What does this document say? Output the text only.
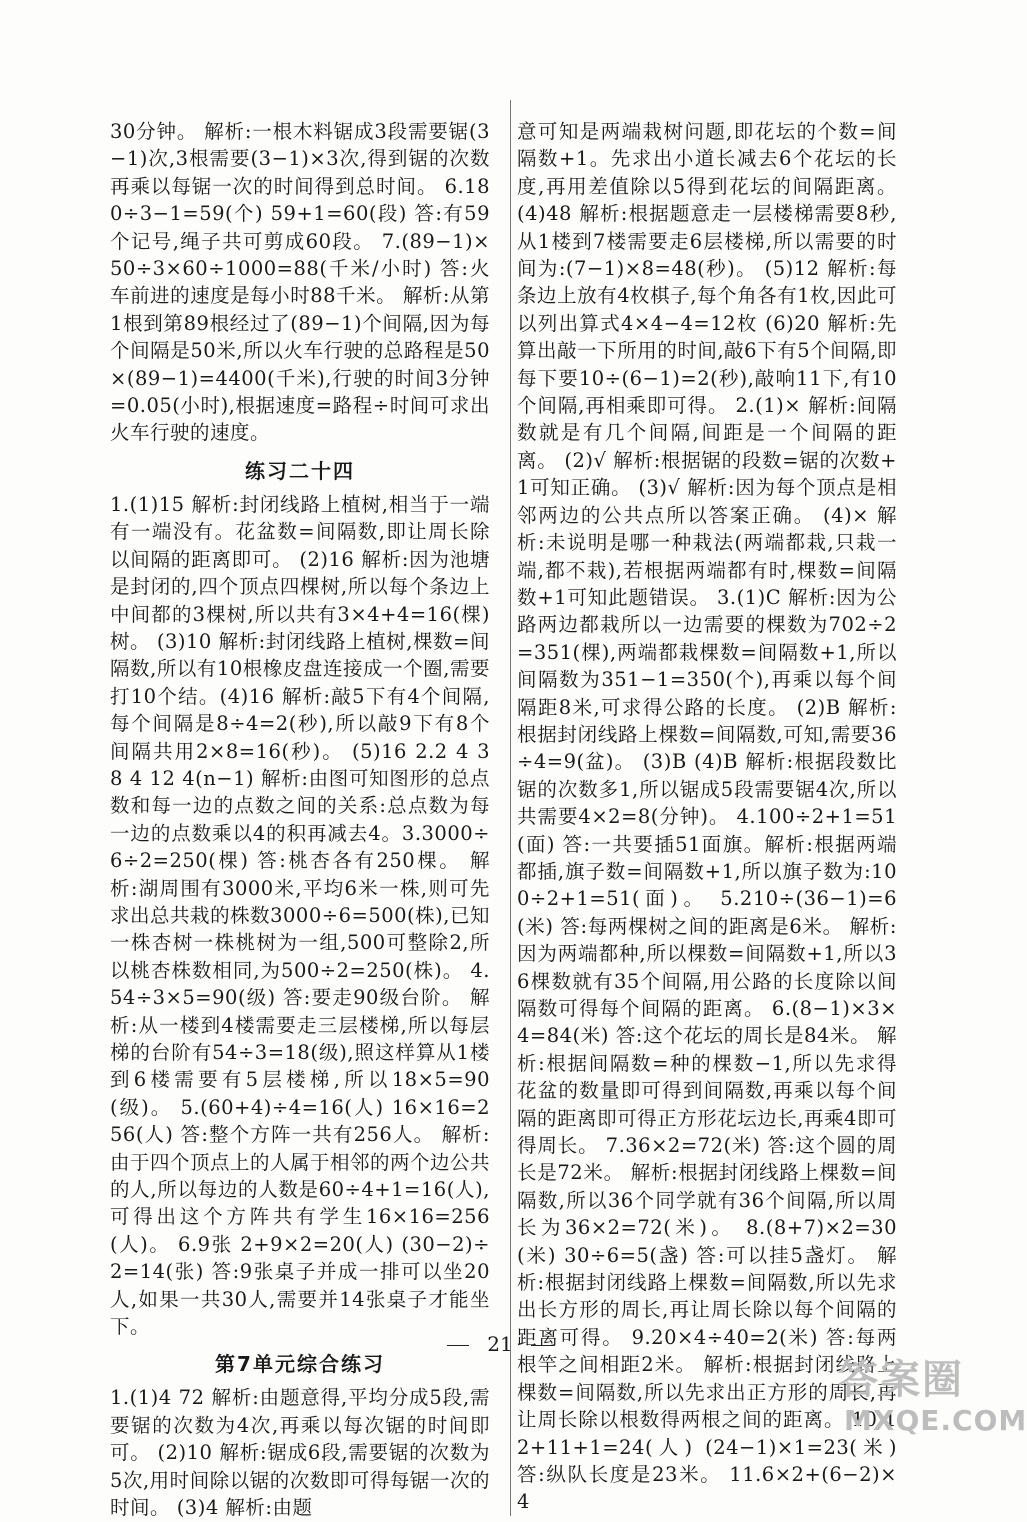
30分钟。 解析:一根木料锯成3段需要锯(3−1)次,3根需要(3−1)×3次,得到锯的次数再乘以每锯一次的时间得到总时间。 6.180÷3−1=59(个) 59+1=60(段) 答:有59个记号,绳子共可剪成60段。 7.(89−1)×50÷3×60÷1000=88(千米/小时) 答:火车前进的速度是每小时88千米。 解析:从第1根到第89根经过了(89−1)个间隔,因为每个间隔是50米,所以火车行驶的总路程是50×(89−1)=4400(千米),行驶的时间3分钟=0.05(小时),根据速度=路程÷时间可求出火车行驶的速度。

练习二十四

1.(1)15 解析:封闭线路上植树,相当于一端有一端没有。花盆数=间隔数,即让周长除以间隔的距离即可。 (2)16 解析:因为池塘是封闭的,四个顶点四棵树,所以每个条边上中间都的3棵树,所以共有3×4+4=16(棵)树。 (3)10 解析:封闭线路上植树,棵数=间隔数,所以有10根橡皮盘连接成一个圈,需要打10个结。(4)16 解析:敲5下有4个间隔,每个间隔是8÷4=2(秒),所以敲9下有8个间隔共用2×8=16(秒)。 (5)16 2.2 4 3 8 4 12 4(n−1) 解析:由图可知图形的总点数和每一边的点数之间的关系:总点数为每一边的点数乘以4的积再减去4。3.3000÷6÷2=250(棵) 答:桃杏各有250棵。 解析:湖周围有3000米,平均6米一株,则可先求出总共栽的株数3000÷6=500(株),已知一株杏树一株桃树为一组,500可整除2,所以桃杏株数相同,为500÷2=250(株)。 4.54÷3×5=90(级) 答:要走90级台阶。 解析:从一楼到4楼需要走三层楼梯,所以每层梯的台阶有54÷3=18(级),照这样算从1楼到6楼需要有5层楼梯,所以18×5=90(级)。 5.(60+4)÷4=16(人) 16×16=256(人) 答:整个方阵一共有256人。 解析:由于四个顶点上的人属于相邻的两个边公共的人,所以每边的人数是60÷4+1=16(人),可得出这个方阵共有学生16×16=256(人)。 6.9张 2+9×2=20(人) (30−2)÷2=14(张) 答:9张桌子并成一排可以坐20人,如果一共30人,需要并14张桌子才能坐下。

第7单元综合练习

1.(1)4 72 解析:由题意得,平均分成5段,需要锯的次数为4次,再乘以每次锯的时间即可。 (2)10 解析:锯成6段,需要锯的次数为5次,用时间除以锯的次数即可得每锯一次的时间。 (3)4 解析:由题

意可知是两端栽树问题,即花坛的个数=间隔数+1。先求出小道长减去6个花坛的长度,再用差值除以5得到花坛的间隔距离。 (4)48 解析:根据题意走一层楼梯需要8秒,从1楼到7楼需要走6层楼梯,所以需要的时间为:(7−1)×8=48(秒)。 (5)12 解析:每条边上放有4枚棋子,每个角各有1枚,因此可以列出算式4×4−4=12枚 (6)20 解析:先算出敲一下所用的时间,敲6下有5个间隔,即每下要10÷(6−1)=2(秒),敲响11下,有10个间隔,再相乘即可得。 2.(1)× 解析:间隔数就是有几个间隔,间距是一个间隔的距离。 (2)√ 解析:根据锯的段数=锯的次数+1可知正确。 (3)√ 解析:因为每个顶点是相邻两边的公共点所以答案正确。 (4)× 解析:未说明是哪一种栽法(两端都栽,只栽一端,都不栽),若根据两端都有时,棵数=间隔数+1可知此题错误。 3.(1)C 解析:因为公路两边都栽所以一边需要的棵数为702÷2=351(棵),两端都栽棵数=间隔数+1,所以间隔数为351−1=350(个),再乘以每个间隔距8米,可求得公路的长度。 (2)B 解析:根据封闭线路上棵数=间隔数,可知,需要36÷4=9(盆)。 (3)B (4)B 解析:根据段数比锯的次数多1,所以锯成5段需要锯4次,所以共需要4×2=8(分钟)。 4.100÷2+1=51(面) 答:一共要插51面旗。解析:根据两端都插,旗子数=间隔数+1,所以旗子数为:100÷2+1=51(面)。 5.210÷(36−1)=6(米) 答:每两棵树之间的距离是6米。 解析:因为两端都种,所以棵数=间隔数+1,所以36棵数就有35个间隔,用公路的长度除以间隔数可得每个间隔的距离。 6.(8−1)×3×4=84(米) 答:这个花坛的周长是84米。 解析:根据间隔数=种的棵数−1,所以先求得花盆的数量即可得到间隔数,再乘以每个间隔的距离即可得正方形花坛边长,再乘4即可得周长。 7.36×2=72(米) 答:这个圆的周长是72米。 解析:根据封闭线路上棵数=间隔数,所以36个同学就有36个间隔,所以周长为36×2=72(米)。 8.(8+7)×2=30(米) 30÷6=5(盏) 答:可以挂5盏灯。 解析:根据封闭线路上棵数=间隔数,所以先求出长方形的周长,再让周长除以每个间隔的距离可得。 9.20×4÷40=2(米) 答:每两根竿之间相距2米。 解析:根据封闭线路上棵数=间隔数,所以先求出正方形的周长,再让周长除以根数得两根之间的距离。 10.12+11+1=24(人) (24−1)×1=23(米) 答:纵队长度是23米。 11.6×2+(6−2)×4

21
答案圈
MXQE.COM
